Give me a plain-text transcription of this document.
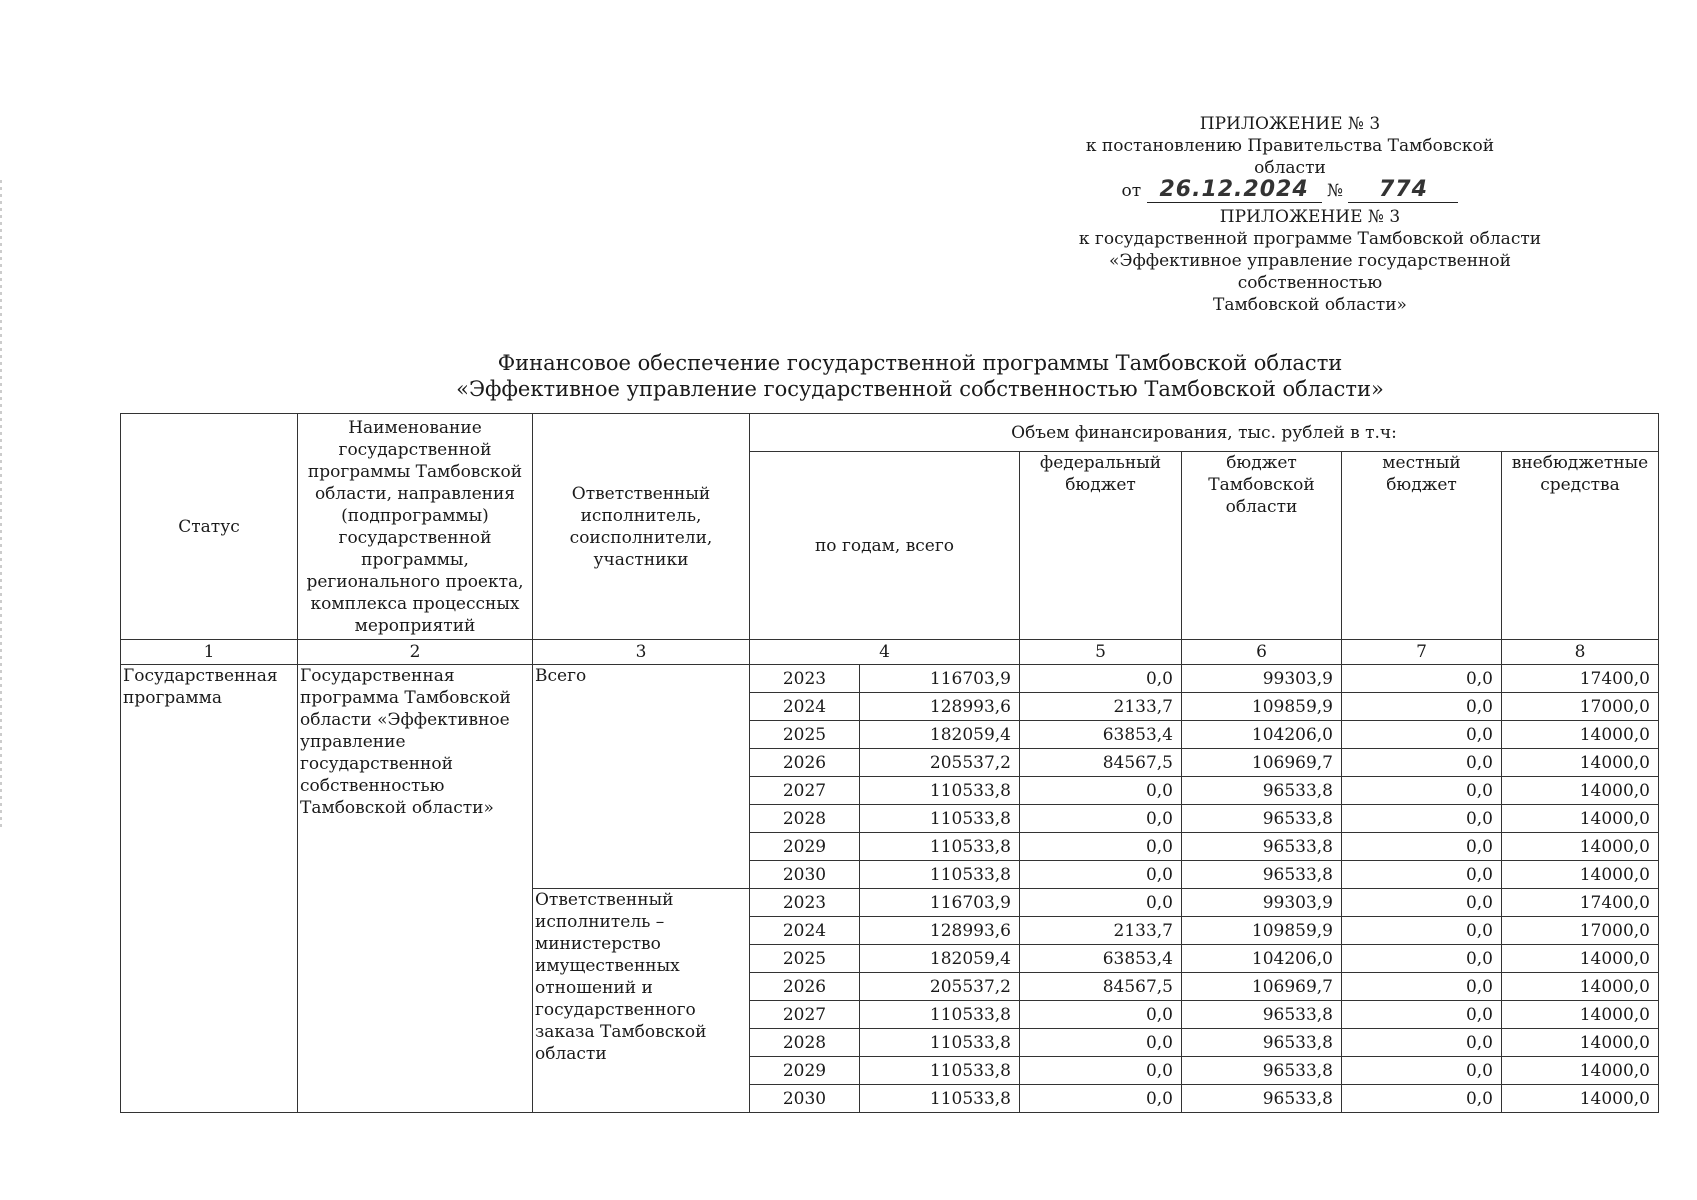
ПРИЛОЖЕНИЕ № 3
к постановлению Правительства Тамбовской области
от 26.12.2024 № 774
ПРИЛОЖЕНИЕ № 3
к государственной программе Тамбовской области
«Эффективное управление государственной собственностью
Тамбовской области»
Финансовое обеспечение государственной программы Тамбовской области
«Эффективное управление государственной собственностью Тамбовской области»
Статус	Наименование государственной программы Тамбовской области, направления (подпрограммы) государственной программы, регионального проекта, комплекса процессных мероприятий	Ответственный исполнитель, соисполнители, участники	Объем финансирования, тыс. рублей в т.ч:					
			по годам, всего		федеральный бюджет	бюджет Тамбовской области	местный бюджет	внебюджетные средства
1	2	3	4		5	6	7	8
Государственная программа	Государственная программа Тамбовской области «Эффективное управление государственной собственностью Тамбовской области»	Всего	2023	116703,9	0,0	99303,9	0,0	17400,0
			2024	128993,6	2133,7	109859,9	0,0	17000,0
			2025	182059,4	63853,4	104206,0	0,0	14000,0
			2026	205537,2	84567,5	106969,7	0,0	14000,0
			2027	110533,8	0,0	96533,8	0,0	14000,0
			2028	110533,8	0,0	96533,8	0,0	14000,0
			2029	110533,8	0,0	96533,8	0,0	14000,0
			2030	110533,8	0,0	96533,8	0,0	14000,0
		Ответственный исполнитель – министерство имущественных отношений и государственного заказа Тамбовской области	2023	116703,9	0,0	99303,9	0,0	17400,0
			2024	128993,6	2133,7	109859,9	0,0	17000,0
			2025	182059,4	63853,4	104206,0	0,0	14000,0
			2026	205537,2	84567,5	106969,7	0,0	14000,0
			2027	110533,8	0,0	96533,8	0,0	14000,0
			2028	110533,8	0,0	96533,8	0,0	14000,0
			2029	110533,8	0,0	96533,8	0,0	14000,0
			2030	110533,8	0,0	96533,8	0,0	14000,0
